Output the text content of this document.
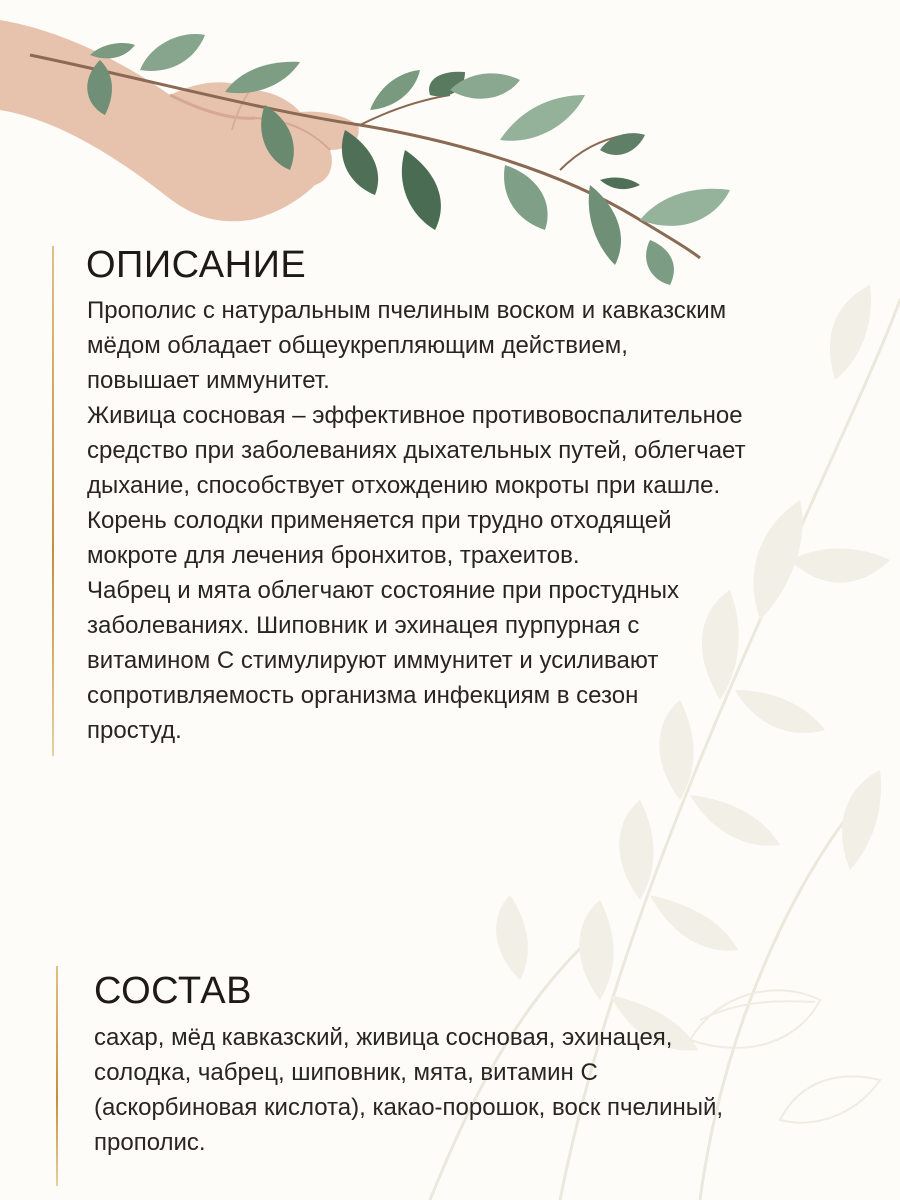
ОПИСАНИЕ

Прополис с натуральным пчелиным воском и кавказским

мёдом обладает общеукрепляющим действием,

повышает иммунитет.

Живица сосновая – эффективное противовоспалительное

средство при заболеваниях дыхательных путей, облегчает

дыхание, способствует отхождению мокроты при кашле.

Корень солодки применяется при трудно отходящей

мокроте для лечения бронхитов, трахеитов.

Чабрец и мята облегчают состояние при простудных

заболеваниях. Шиповник и эхинацея пурпурная с

витамином С стимулируют иммунитет и усиливают

сопротивляемость организма инфекциям в сезон

простуд.

СОСТАВ

сахар, мёд кавказский, живица сосновая, эхинацея,

солодка, чабрец, шиповник, мята, витамин С

(аскорбиновая кислота), какао-порошок, воск пчелиный,

прополис.
